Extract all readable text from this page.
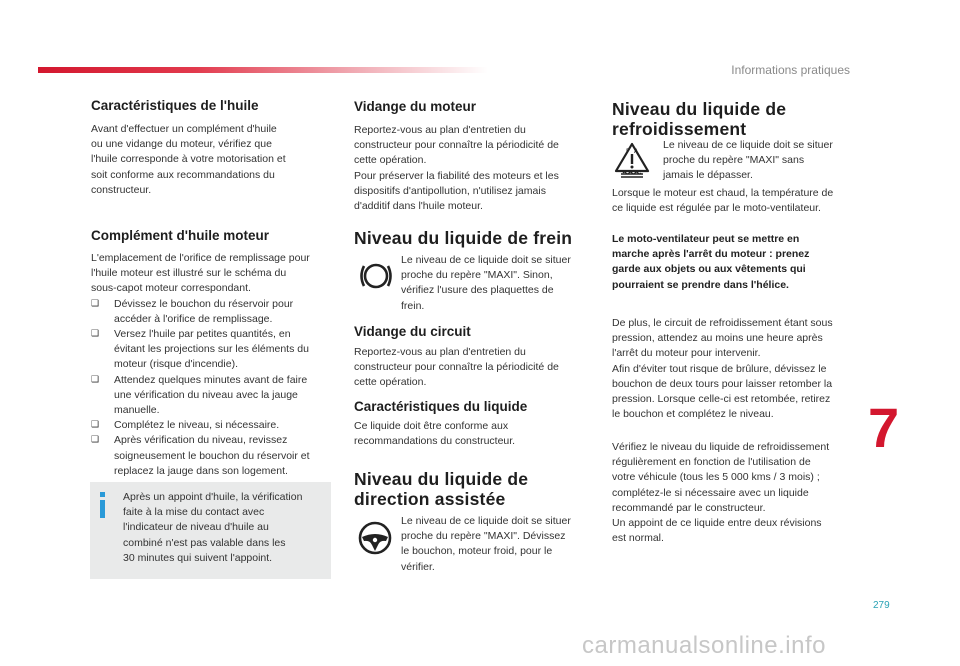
Informations pratiques
Caractéristiques de l'huile

Avant d'effectuer un complément d'huile
ou une vidange du moteur, vérifiez que
l'huile corresponde à votre motorisation et
soit conforme aux recommandations du
constructeur.

Complément d'huile moteur

L'emplacement de l'orifice de remplissage pour
l'huile moteur est illustré sur le schéma du
sous-capot moteur correspondant.

❑ Dévissez le bouchon du réservoir pour
accéder à l'orifice de remplissage.
❑ Versez l'huile par petites quantités, en
évitant les projections sur les éléments du
moteur (risque d'incendie).
❑ Attendez quelques minutes avant de faire
une vérification du niveau avec la jauge
manuelle.
❑ Complétez le niveau, si nécessaire.
❑ Après vérification du niveau, revissez
soigneusement le bouchon du réservoir et
replacez la jauge dans son logement.

Après un appoint d'huile, la vérification
faite à la mise du contact avec
l'indicateur de niveau d'huile au
combiné n'est pas valable dans les
30 minutes qui suivent l'appoint.

Vidange du moteur

Reportez-vous au plan d'entretien du
constructeur pour connaître la périodicité de
cette opération.
Pour préserver la fiabilité des moteurs et les
dispositifs d'antipollution, n'utilisez jamais
d'additif dans l'huile moteur.

Niveau du liquide de frein

Le niveau de ce liquide doit se situer
proche du repère "MAXI". Sinon,
vérifiez l'usure des plaquettes de
frein.

Vidange du circuit

Reportez-vous au plan d'entretien du
constructeur pour connaître la périodicité de
cette opération.

Caractéristiques du liquide

Ce liquide doit être conforme aux
recommandations du constructeur.

Niveau du liquide de
direction assistée

Le niveau de ce liquide doit se situer
proche du repère "MAXI". Dévissez
le bouchon, moteur froid, pour le
vérifier.

Niveau du liquide de
refroidissement
F A

Le niveau de ce liquide doit se situer
proche du repère "MAXI" sans
jamais le dépasser.

Lorsque le moteur est chaud, la température de
ce liquide est régulée par le moto-ventilateur.

Le moto-ventilateur peut se mettre en
marche après l'arrêt du moteur : prenez
garde aux objets ou aux vêtements qui
pourraient se prendre dans l'hélice.

De plus, le circuit de refroidissement étant sous
pression, attendez au moins une heure après
l'arrêt du moteur pour intervenir.
Afin d'éviter tout risque de brûlure, dévissez le
bouchon de deux tours pour laisser retomber la
pression. Lorsque celle-ci est retombée, retirez
le bouchon et complétez le niveau.

Vérifiez le niveau du liquide de refroidissement
régulièrement en fonction de l'utilisation de
votre véhicule (tous les 5 000 kms / 3 mois) ;
complétez-le si nécessaire avec un liquide
recommandé par le constructeur.
Un appoint de ce liquide entre deux révisions
est normal.

7
279
carmanualsonline.info
